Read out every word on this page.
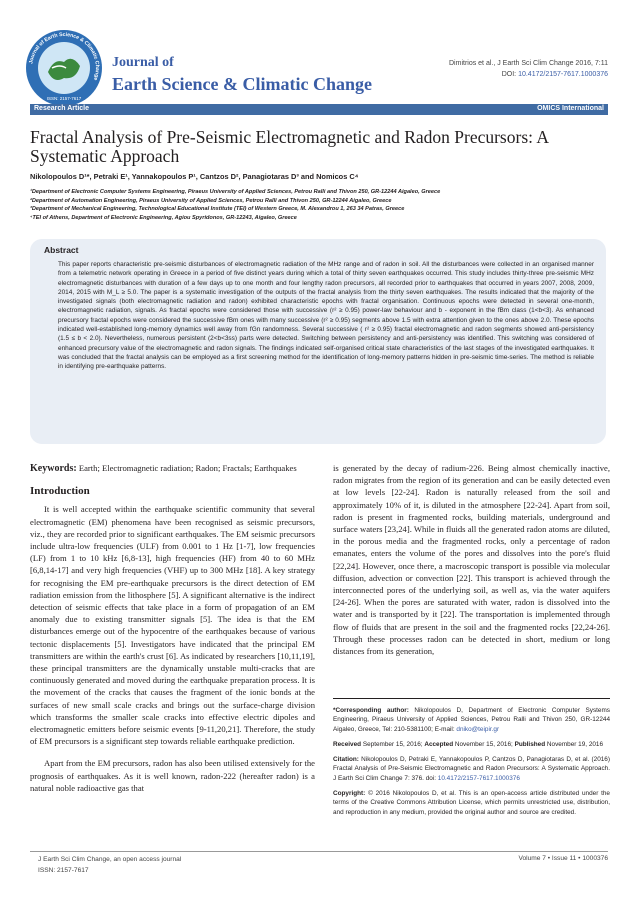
Journal of Earth Science & Climatic Change
ISSN: 2157-7617
Journal of
Earth Science & Climatic Change
Dimitrios et al., J Earth Sci Clim Change 2016, 7:11
DOI: 10.4172/2157-7617.1000376
Research Article	OMICS International
Fractal Analysis of Pre-Seismic Electromagnetic and Radon Precursors: A Systematic Approach
Nikolopoulos D¹*, Petraki E¹, Yannakopoulos P¹, Cantzos D², Panagiotaras D³ and Nomicos C⁴
¹Department of Electronic Computer Systems Engineering, Piraeus University of Applied Sciences, Petrou Ralli and Thivon 250, GR-12244 Aigaleo, Greece
²Department of Automation Engineering, Piraeus University of Applied Sciences, Petrou Ralli and Thivon 250, GR-12244 Aigaleo, Greece
³Department of Mechanical Engineering, Technological Educational Institute (TEI) of Western Greece, M. Alexandrou 1, 263 34 Patras, Greece
⁴TEI of Athens, Department of Electronic Engineering, Agiou Spyridonos, GR-12243, Aigaleo, Greece
Abstract
This paper reports characteristic pre-seismic disturbances of electromagnetic radiation of the MHz range and of radon in soil. All the disturbances were collected in an organised manner from a telemetric network operating in Greece in a period of five distinct years during which a total of thirty seven earthquakes occurred. This study includes thirty-three pre-seismic MHz electromagnetic disturbances with duration of a few days up to one month and four lengthy radon precursors, all recorded prior to earthquakes that occurred in years 2007, 2008, 2009, 2014, 2015 with M_L ≥ 5.0. The paper is a systematic investigation of the outputs of the fractal analysis from the thirty seven earthquakes. The results indicated that the majority of the investigated signals (both electromagnetic radiation and radon) exhibited characteristic epochs with fractal organisation. Continuous epochs were detected in several one-month, electromagnetic radiation, signals. As fractal epochs were considered those with successive (r² ≥ 0.95) power-law behaviour and b - exponent in the fBm class (1<b<3). As enhanced precursory fractal epochs were considered the successive fBm ones with many successive (r² ≥ 0.95) segments above 1.5 with extra attention given to the ones above 2.0. These epochs indicated well-established long-memory dynamics well away from fGn randomness. Several successive ( r² ≥ 0.95) fractal electromagnetic and radon segments showed anti-persistency (1.5 ≤ b < 2.0). Nevertheless, numerous persistent (2<b<3ss) parts were detected. Switching between persistency and anti-persistency was identified. This switching was considered of enhanced precursory value of the electromagnetic and radon signals. The findings indicated self-organised critical state characteristics of the last stages of the investigated earthquakes. It was concluded that the fractal analysis can be employed as a first screening method for the identification of long-memory patterns hidden in pre-seismic time-series. The method is reliable in identifying pre-earthquake patterns.

Keywords: Earth; Electromagnetic radiation; Radon; Fractals; Earthquakes

Introduction

It is well accepted within the earthquake scientific community that several electromagnetic (EM) phenomena have been recognised as seismic precursors, viz., they are recorded prior to significant earthquakes. The EM seismic precursors include ultra-low frequencies (ULF) from 0.001 to 1 Hz [1-7], low frequencies (LF) from 1 to 10 kHz [6,8-13], high frequencies (HF) from 40 to 60 MHz [6,8,14-17] and very high frequencies (VHF) up to 300 MHz [18]. A key strategy for recognising the EM pre-earthquake precursors is the direct detection of EM radiation emission from the lithosphere [5]. A significant alternative is the indirect detection of seismic effects that take place in a form of propagation of an EM anomaly due to existing transmitter signals [5]. The idea is that the EM disturbances emerge out of the hypocentre of the earthquakes because of various tectonic displacements [5]. Investigators have indicated that the principal EM transmitters are within the earth's crust [6]. As indicated by researchers [10,11,19], these principal transmitters are the dynamically unstable multi-cracks that are continuously generated and moved during the earthquake preparation process. It is the movement of the cracks that causes the fragment of the ionic bonds at the surfaces of new small scale cracks and brings out the surface-charge division which transforms the smaller scale cracks into effective electric dipoles and electromagnetic emitters before seismic events [9-11,20,21]. Therefore, the study of EM precursors is a significant step towards reliable earthquake prediction.

Apart from the EM precursors, radon has also been utilised extensively for the prognosis of earthquakes. As it is well known, radon-222 (hereafter radon) is a natural noble radioactive gas that

is generated by the decay of radium-226. Being almost chemically inactive, radon migrates from the region of its generation and can be easily detected even at low levels [22-24]. Radon is naturally released from the soil and approximately 10% of it, is diluted in the atmosphere [22-24]. Apart from soil, radon is present in fragmented rocks, building materials, underground and surface waters [23,24]. While in fluids all the generated radon atoms are diluted, in the porous media and the fragmented rocks, only a percentage of radon emanates, enters the volume of the pores and dissolves into the pore's fluid [22,24]. However, once there, a macroscopic transport is possible via molecular diffusion, advection or convection [22]. This transport is achieved through the interconnected pores of the underlying soil, as well as, via the water aquifers [24-26]. When the pores are saturated with water, radon is dissolved into the water and is transported by it [22]. The transportation is implemented through flow of fluids that are present in the soil and the fragmented rocks [22,24-26]. Through these processes radon can be detected in short, medium or long distances from its generation,

*Corresponding author: Nikolopoulos D, Department of Electronic Computer Systems Engineering, Piraeus University of Applied Sciences, Petrou Ralli and Thivon 250, GR-12244 Aigaleo, Greece, Tel: 210-5381100; E-mail: dniko@teipir.gr

Received September 15, 2016; Accepted November 15, 2016; Published November 19, 2016

Citation: Nikolopoulos D, Petraki E, Yannakopoulos P, Cantzos D, Panagiotaras D, et al. (2016) Fractal Analysis of Pre-Seismic Electromagnetic and Radon Precursors: A Systematic Approach. J Earth Sci Clim Change 7: 376. doi: 10.4172/2157-7617.1000376

Copyright: © 2016 Nikolopoulos D, et al. This is an open-access article distributed under the terms of the Creative Commons Attribution License, which permits unrestricted use, distribution, and reproduction in any medium, provided the original author and source are credited.

J Earth Sci Clim Change, an open access journal
ISSN: 2157-7617
Volume 7 • Issue 11 • 1000376
